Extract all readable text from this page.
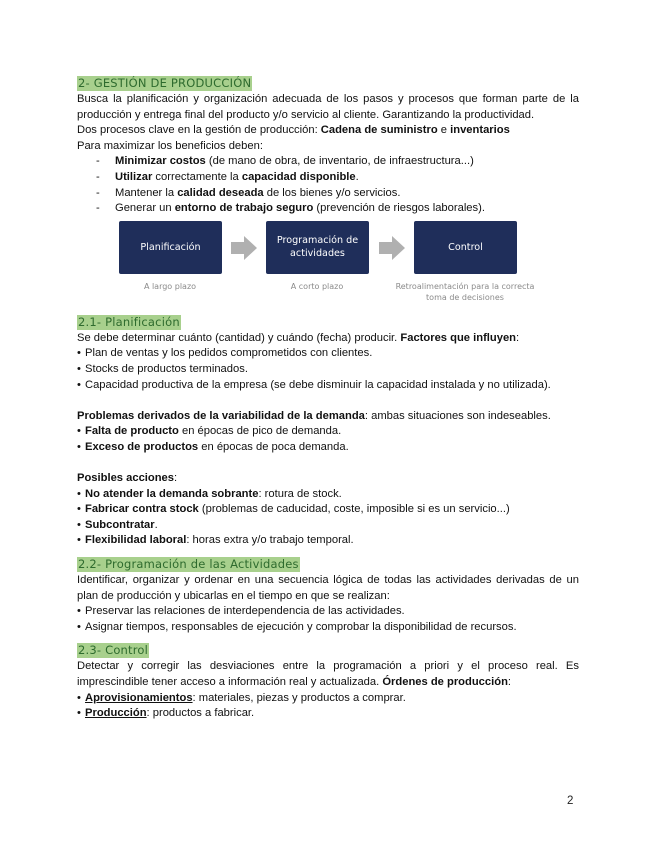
2- GESTIÓN DE PRODUCCIÓN

Busca la planificación y organización adecuada de los pasos y procesos que forman parte de la producción y entrega final del producto y/o servicio al cliente. Garantizando la productividad.

Dos procesos clave en la gestión de producción: Cadena de suministro e inventarios

Para maximizar los beneficios deben:

- Minimizar costos (de mano de obra, de inventario, de infraestructura...)
- Utilizar correctamente la capacidad disponible.
- Mantener la calidad deseada de los bienes y/o servicios.
- Generar un entorno de trabajo seguro (prevención de riesgos laborales).
Planificación
Programación de actividades
Control
A largo plazo	A corto plazo	Retroalimentación para la correcta toma de decisiones
2.1- Planificación

Se debe determinar cuánto (cantidad) y cuándo (fecha) producir. Factores que influyen:

• Plan de ventas y los pedidos comprometidos con clientes.
• Stocks de productos terminados.
• Capacidad productiva de la empresa (se debe disminuir la capacidad instalada y no utilizada).

Problemas derivados de la variabilidad de la demanda: ambas situaciones son indeseables.

• Falta de producto en épocas de pico de demanda.
• Exceso de productos en épocas de poca demanda.

Posibles acciones:

• No atender la demanda sobrante: rotura de stock.
• Fabricar contra stock (problemas de caducidad, coste, imposible si es un servicio...)
• Subcontratar.
• Flexibilidad laboral: horas extra y/o trabajo temporal.
2.2- Programación de las Actividades

Identificar, organizar y ordenar en una secuencia lógica de todas las actividades derivadas de un plan de producción y ubicarlas en el tiempo en que se realizan:

• Preservar las relaciones de interdependencia de las actividades.
• Asignar tiempos, responsables de ejecución y comprobar la disponibilidad de recursos.
2.3- Control

Detectar y corregir las desviaciones entre la programación a priori y el proceso real. Es imprescindible tener acceso a información real y actualizada. Órdenes de producción:

• Aprovisionamientos: materiales, piezas y productos a comprar.
• Producción: productos a fabricar.
2
